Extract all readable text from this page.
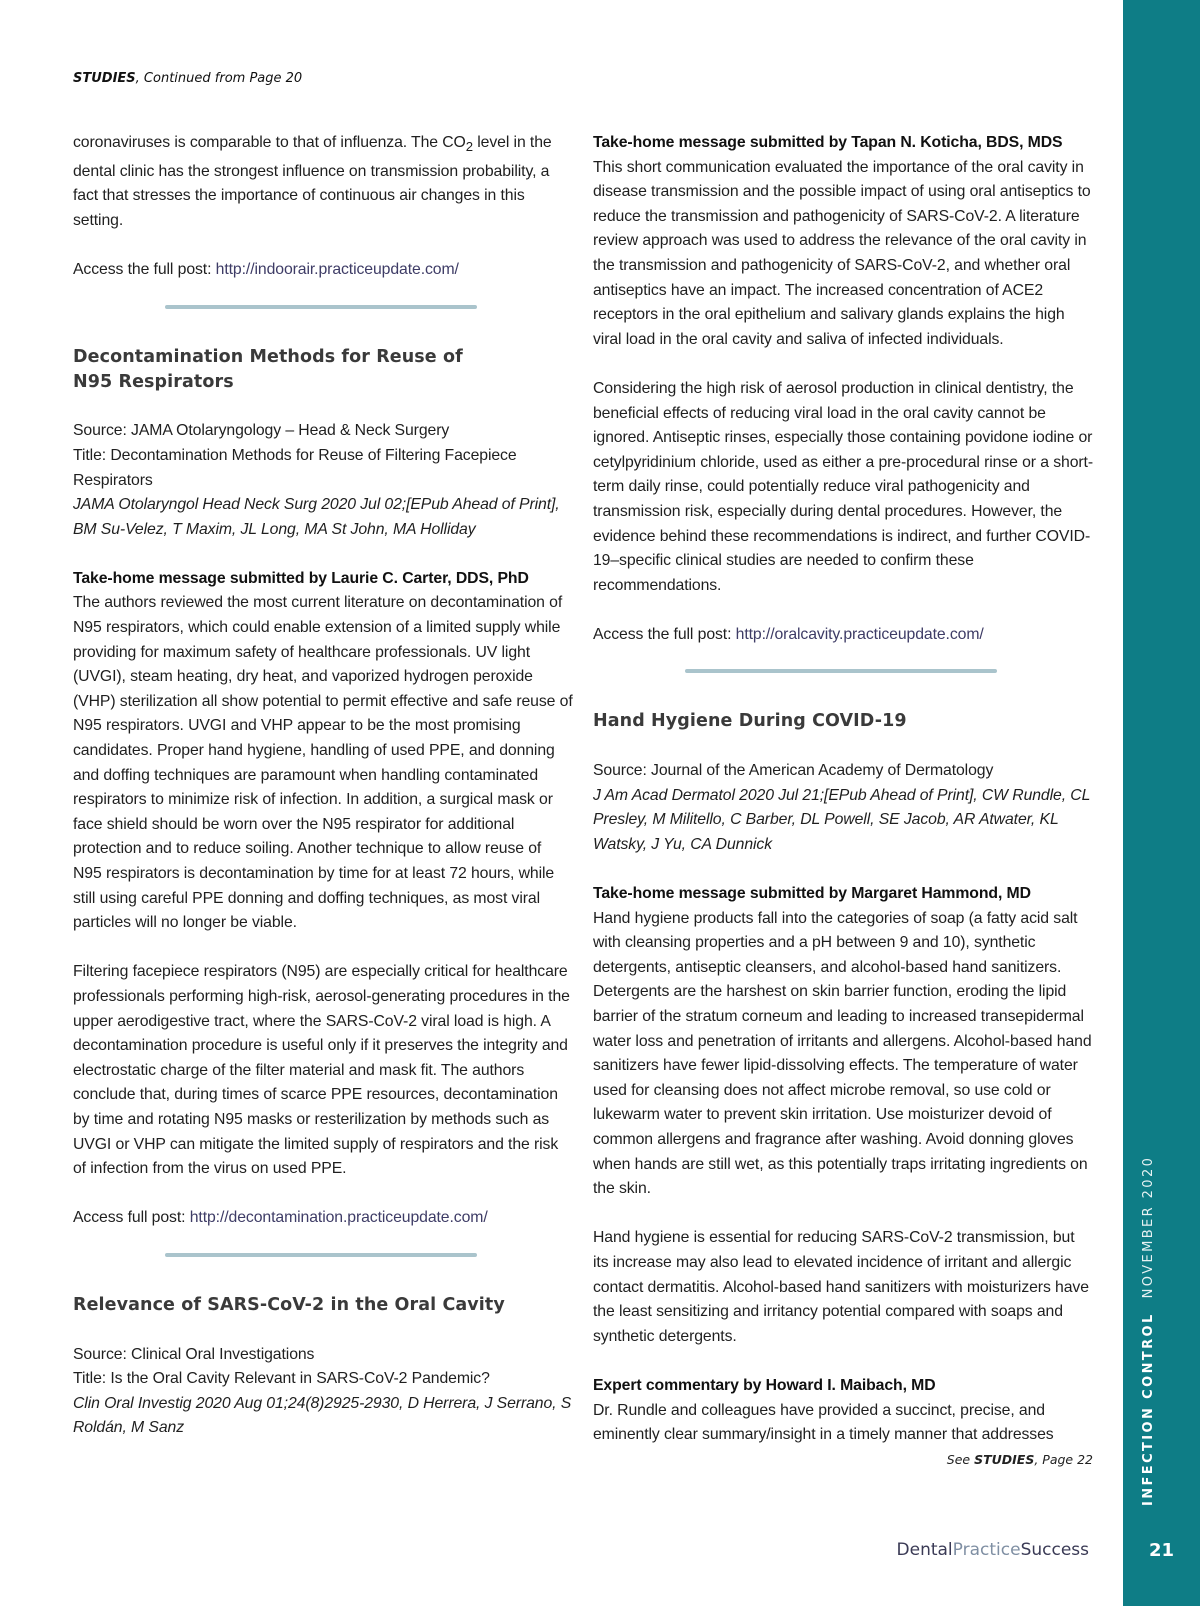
STUDIES, Continued from Page 20
coronaviruses is comparable to that of influenza. The $CO_2$ level in the dental clinic has the strongest influence on transmission probability, a fact that stresses the importance of continuous air changes in this setting.
Access the full post: http://indoorair.practiceupdate.com/
Decontamination Methods for Reuse of
N95 Respirators
Source: JAMA Otolaryngology – Head & Neck Surgery
Title: Decontamination Methods for Reuse of Filtering Facepiece Respirators
JAMA Otolaryngol Head Neck Surg 2020 Jul 02;[EPub Ahead of Print], BM Su-Velez, T Maxim, JL Long, MA St John, MA Holliday
Take-home message submitted by Laurie C. Carter, DDS, PhD
The authors reviewed the most current literature on decontamination of N95 respirators, which could enable extension of a limited supply while providing for maximum safety of healthcare professionals. UV light (UVGI), steam heating, dry heat, and vaporized hydrogen peroxide (VHP) sterilization all show potential to permit effective and safe reuse of N95 respirators. UVGI and VHP appear to be the most promising candidates. Proper hand hygiene, handling of used PPE, and donning and doffing techniques are paramount when handling contaminated respirators to minimize risk of infection. In addition, a surgical mask or face shield should be worn over the N95 respirator for additional protection and to reduce soiling. Another technique to allow reuse of N95 respirators is decontamination by time for at least 72 hours, while still using careful PPE donning and doffing techniques, as most viral particles will no longer be viable.
Filtering facepiece respirators (N95) are especially critical for healthcare professionals performing high-risk, aerosol-generating procedures in the upper aerodigestive tract, where the SARS-CoV-2 viral load is high. A decontamination procedure is useful only if it preserves the integrity and electrostatic charge of the filter material and mask fit. The authors conclude that, during times of scarce PPE resources, decontamination by time and rotating N95 masks or resterilization by methods such as UVGI or VHP can mitigate the limited supply of respirators and the risk of infection from the virus on used PPE.
Access full post: http://decontamination.practiceupdate.com/
Relevance of SARS-CoV-2 in the Oral Cavity
Source: Clinical Oral Investigations
Title: Is the Oral Cavity Relevant in SARS-CoV-2 Pandemic?
Clin Oral Investig 2020 Aug 01;24(8)2925-2930, D Herrera, J Serrano, S Roldán, M Sanz
Take-home message submitted by Tapan N. Koticha, BDS, MDS
This short communication evaluated the importance of the oral cavity in disease transmission and the possible impact of using oral antiseptics to reduce the transmission and pathogenicity of SARS-CoV-2. A literature review approach was used to address the relevance of the oral cavity in the transmission and pathogenicity of SARS-CoV-2, and whether oral antiseptics have an impact. The increased concentration of ACE2 receptors in the oral epithelium and salivary glands explains the high viral load in the oral cavity and saliva of infected individuals.
Considering the high risk of aerosol production in clinical dentistry, the beneficial effects of reducing viral load in the oral cavity cannot be ignored. Antiseptic rinses, especially those containing povidone iodine or cetylpyridinium chloride, used as either a pre-procedural rinse or a short-term daily rinse, could potentially reduce viral pathogenicity and transmission risk, especially during dental procedures. However, the evidence behind these recommendations is indirect, and further COVID-19–specific clinical studies are needed to confirm these recommendations.
Access the full post: http://oralcavity.practiceupdate.com/
Hand Hygiene During COVID-19
Source: Journal of the American Academy of Dermatology
J Am Acad Dermatol 2020 Jul 21;[EPub Ahead of Print], CW Rundle, CL Presley, M Militello, C Barber, DL Powell, SE Jacob, AR Atwater, KL Watsky, J Yu, CA Dunnick
Take-home message submitted by Margaret Hammond, MD
Hand hygiene products fall into the categories of soap (a fatty acid salt with cleansing properties and a pH between 9 and 10), synthetic detergents, antiseptic cleansers, and alcohol-based hand sanitizers. Detergents are the harshest on skin barrier function, eroding the lipid barrier of the stratum corneum and leading to increased transepidermal water loss and penetration of irritants and allergens. Alcohol-based hand sanitizers have fewer lipid-dissolving effects. The temperature of water used for cleansing does not affect microbe removal, so use cold or lukewarm water to prevent skin irritation. Use moisturizer devoid of common allergens and fragrance after washing. Avoid donning gloves when hands are still wet, as this potentially traps irritating ingredients on the skin.
Hand hygiene is essential for reducing SARS-CoV-2 transmission, but its increase may also lead to elevated incidence of irritant and allergic contact dermatitis. Alcohol-based hand sanitizers with moisturizers have the least sensitizing and irritancy potential compared with soaps and synthetic detergents.
Expert commentary by Howard I. Maibach, MD
Dr. Rundle and colleagues have provided a succinct, precise, and eminently clear summary/insight in a timely manner that addresses
See STUDIES, Page 22	INFECTION CONTROLNOVEMBER 2020
21
DentalPracticeSuccess
